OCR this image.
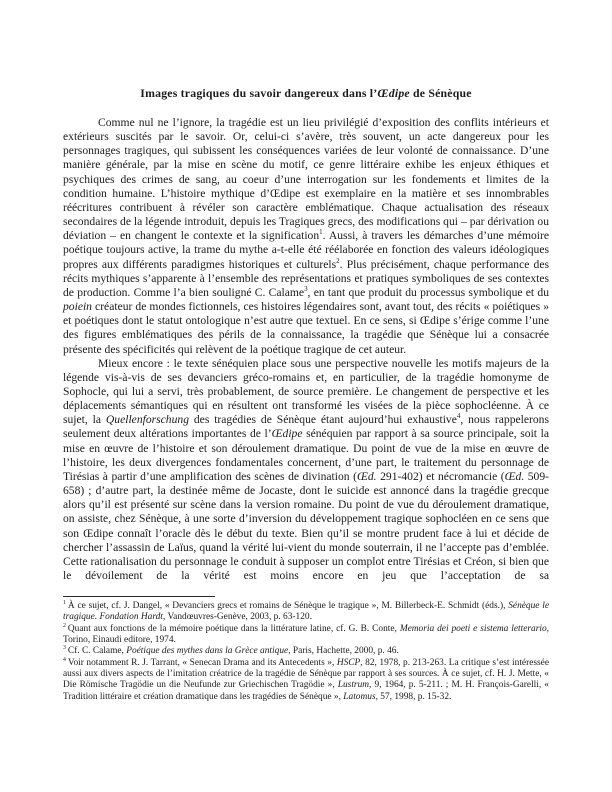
Images tragiques du savoir dangereux dans l’Œdipe de Sénèque

Comme nul ne l’ignore, la tragédie est un lieu privilégié d’exposition des conflits intérieurs et extérieurs suscités par le savoir. Or, celui-ci s’avère, très souvent, un acte dangereux pour les personnages tragiques, qui subissent les conséquences variées de leur volonté de connaissance. D’une manière générale, par la mise en scène du motif, ce genre littéraire exhibe les enjeux éthiques et psychiques des crimes de sang, au coeur d’une interrogation sur les fondements et limites de la condition humaine. L’histoire mythique d’Œdipe est exemplaire en la matière et ses innombrables réécritures contribuent à révéler son caractère emblématique. Chaque actualisation des réseaux secondaires de la légende introduit, depuis les Tragiques grecs, des modifications qui – par dérivation ou déviation – en changent le contexte et la signification$^1$. Aussi, à travers les démarches d’une mémoire poétique toujours active, la trame du mythe a-t-elle été réélaborée en fonction des valeurs idéologiques propres aux différents paradigmes historiques et culturels$^2$. Plus précisément, chaque performance des récits mythiques s’apparente à l’ensemble des représentations et pratiques symboliques de ses contextes de production. Comme l’a bien souligné C. Calame$^3$, en tant que produit du processus symbolique et du poiein créateur de mondes fictionnels, ces histoires légendaires sont, avant tout, des récits « poiétiques » et poétiques dont le statut ontologique n’est autre que textuel. En ce sens, si Œdipe s’érige comme l’une des figures emblématiques des périls de la connaissance, la tragédie que Sénèque lui a consacrée présente des spécificités qui relèvent de la poétique tragique de cet auteur.

Mieux encore : le texte sénéquien place sous une perspective nouvelle les motifs majeurs de la légende vis-à-vis de ses devanciers gréco-romains et, en particulier, de la tragédie homonyme de Sophocle, qui lui a servi, très probablement, de source première. Le changement de perspective et les déplacements sémantiques qui en résultent ont transformé les visées de la pièce sophocléenne. À ce sujet, la Quellenforschung des tragédies de Sénèque étant aujourd’hui exhaustive$^4$, nous rappelerons seulement deux altérations importantes de l’Œdipe sénéquien par rapport à sa source principale, soit la mise en œuvre de l’histoire et son déroulement dramatique. Du point de vue de la mise en œuvre de l’histoire, les deux divergences fondamentales concernent, d’une part, le traitement du personnage de Tirésias à partir d’une amplification des scènes de divination (Œd. 291-402) et nécromancie (Œd. 509-658) ; d’autre part, la destinée même de Jocaste, dont le suicide est annoncé dans la tragédie grecque alors qu’il est présenté sur scène dans la version romaine. Du point de vue du déroulement dramatique, on assiste, chez Sénèque, à une sorte d’inversion du développement tragique sophocléen en ce sens que son Œdipe connaît l’oracle dès le début du texte. Bien qu’il se montre prudent face à lui et décide de chercher l’assassin de Laïus, quand la vérité lui-vient du monde souterrain, il ne l’accepte pas d’emblée. Cette rationalisation du personnage le conduit à supposer un complot entre Tirésias et Créon, si bien que le dévoilement de la vérité est moins encore en jeu que l’acceptation de sa

$^1$ À ce sujet, cf. J. Dangel, « Devanciers grecs et romains de Sénèque le tragique », M. Billerbeck-E. Schmidt (éds.), Sénèque le tragique. Fondation Hardt, Vandœuvres-Genève, 2003, p. 63-120.

$^2$ Quant aux fonctions de la mémoire poétique dans la littérature latine, cf. G. B. Conte, Memoria dei poeti e sistema letterario, Torino, Einaudi editore, 1974.

$^3$ Cf. C. Calame, Poétique des mythes dans la Grèce antique, Paris, Hachette, 2000, p. 46.

$^4$ Voir notamment R. J. Tarrant, « Senecan Drama and its Antecedents », HSCP, 82, 1978, p. 213-263. La critique s’est intéressée aussi aux divers aspects de l’imitation créatrice de la tragédie de Sénèque par rapport à ses sources. À ce sujet, cf. H. J. Mette, « Die Römische Tragödie un die Neufunde zur Griechischen Tragödie », Lustrum, 9, 1964, p. 5-211. ; M. H. François-Garelli, « Tradition littéraire et création dramatique dans les tragédies de Sénèque », Latomus, 57, 1998, p. 15-32.
